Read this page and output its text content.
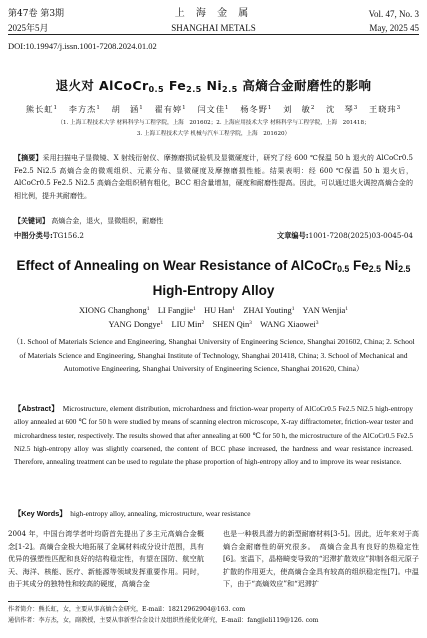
第47卷 第3期
2025年5月
上 海 金 属
SHANGHAI METALS
Vol. 47, No. 3
May, 2025 45
DOI:10.19947/j.issn.1001-7208.2024.01.02
退火对 AlCoCr$_{0.5}$ $Fe_{2.5}$ $Ni_{2.5}$ 高熵合金耐磨性的影响
熊长虹$^1$ 李方杰$^1$ 胡　涵$^1$ 翟有婷$^1$ 闫文佳$^1$ 杨冬野$^1$ 刘　敏$^2$ 沈　琴$^3$ 王晓玮$^3$
（1. 上海工程技术大学 材料科学与工程学院，上海　201602；2. 上海应用技术大学 材料科学与工程学院，上海　201418；
3. 上海工程技术大学 机械与汽车工程学院，上海　201620）
【摘要】采用扫描电子显微镜、X 射线衍射仪、摩擦磨损试验机及显微硬度计，研究了经 600 ℃保温 50 h 退火的 AlCoCr0.5 Fe2.5 Ni2.5 高熵合金的微观组织、元素分布、显微硬度及摩擦磨损性能。结果表明：经 600 ℃保温 50 h 退火后，AlCoCr0.5 Fe2.5 Ni2.5 高熵合金组织稍有粗化，BCC 相含量增加，硬度和耐磨性提高。因此，可以通过退火调控高熵合金的相比例，提升其耐磨性。
【关键词】 高熵合金，退火，显微组织，耐磨性
中图分类号:TG156.2	文章编号:1001-7208(2025)03-0045-04
Effect of Annealing on Wear Resistance of AlCoCr$_{0.5}$ $Fe_{2.5}$ $Ni_{2.5}$
High-Entropy Alloy
XIONG Changhong$^1$ LI Fangjie$^1$ HU Han$^1$ ZHAI Youting$^1$ YAN Wenjia$^1$
YANG Dongye$^1$ LIU Min$^2$ SHEN Qin$^3$ WANG Xiaowei$^3$
（1. School of Materials Science and Engineering, Shanghai University of Engineering Science, Shanghai 201602, China; 2. School of Materials Science and Engineering, Shanghai Institute of Technology, Shanghai 201418, China; 3. School of Mechanical and Automotive Engineering, Shanghai University of Engineering Science, Shanghai 201620, China）
【Abstract】 Microstructure, element distribution, microhardness and friction-wear property of AlCoCr0.5 Fe2.5 Ni2.5 high-entropy alloy annealed at 600 ℃ for 50 h were studied by means of scanning electron microscope, X-ray diffractometer, friction-wear tester and microhardness tester, respectively. The results showed that after annealing at 600 ℃ for 50 h, the microstructure of the AlCoCr0.5 Fe2.5 Ni2.5 high-entropy alloy was slightly coarsened, the content of BCC phase increased, the hardness and wear resistance increased. Therefore, annealing treatment can be used to regulate the phase proportion of high-entropy alloy and to improve its wear resistance.
【Key Words】 high-entropy alloy, annealing, microstructure, wear resistance
2004 年，中国台湾学者叶均蔚首先提出了多主元高熵合金概念[1-2]。高熵合金极大地拓展了金属材料成分设计范围，具有优异的强塑性匹配和良好的结构稳定性，有望在国防、航空航天、海洋、核能、医疗、新能源等领域发挥重要作用。同时，由于其成分的独特性和较高的硬度，高熵合金
也是一种极具潜力的新型耐磨材料[3-5]。因此，近年来对于高熵合金耐磨性的研究很多。　高熵合金具有良好的热稳定性[6]。室温下，晶格畸变导致的“迟滞扩散效应”抑制各组元原子扩散的作用更大，使高熵合金具有较高的组织稳定性[7]。中温下，由于“高熵效应”和“迟滞扩
作者简介：熊长虹，女，主要从事高熵合金研究，E-mail：18212962904@163. com
通信作者：李方杰，女，副教授，主要从事新型合金设计及组织性能优化研究，E-mail：fangjieli119@126. com
